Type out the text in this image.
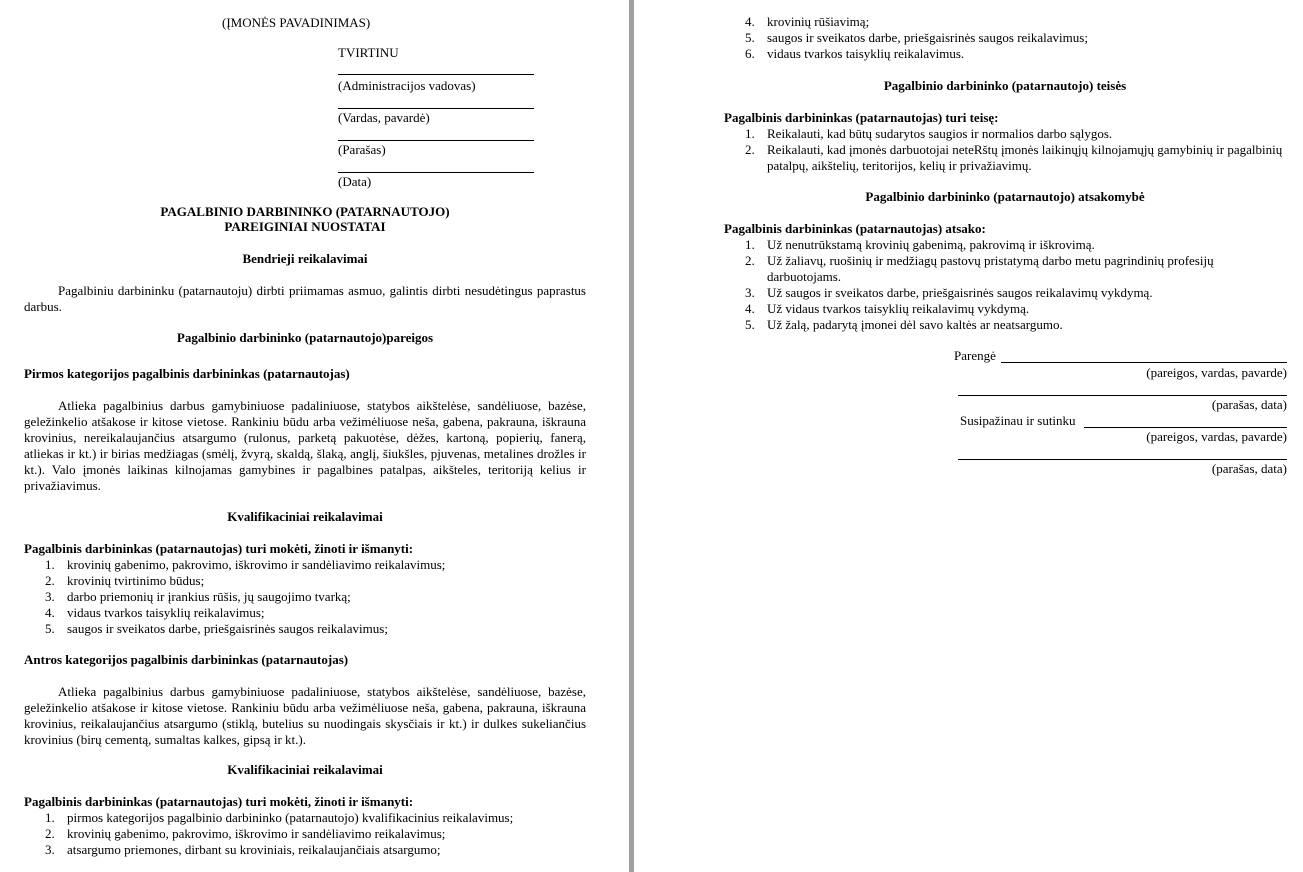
(ĮMONĖS PAVADINIMAS)
TVIRTINU
(Administracijos vadovas)
(Vardas, pavardė)
(Parašas)
(Data)
PAGALBINIO DARBININKO (PATARNAUTOJO)
PAREIGINIAI NUOSTATAI
Bendrieji reikalavimai
Pagalbiniu darbininku (patarnautoju) dirbti priimamas asmuo, galintis dirbti nesudėtingus paprastus darbus.
Pagalbinio darbininko (patarnautojo)pareigos
Pirmos kategorijos pagalbinis darbininkas (patarnautojas)
Atlieka pagalbinius darbus gamybiniuose padaliniuose, statybos aikštelėse, sandėliuose, bazėse, geležinkelio atšakose ir kitose vietose. Rankiniu būdu arba vežimėliuose neša, gabena, pakrauna, iškrauna krovinius, nereikalaujančius atsargumo (rulonus, parketą pakuotėse, dėžes, kartoną, popierių, fanerą, atliekas ir kt.) ir birias medžiagas (smėlį, žvyrą, skaldą, šlaką, anglį, šiukšles, pjuvenas, metalines drožles ir kt.). Valo įmonės laikinas kilnojamas gamybines ir pagalbines patalpas, aikšteles, teritoriją kelius ir privažiavimus.
Kvalifikaciniai reikalavimai
Pagalbinis darbininkas (patarnautojas) turi mokėti, žinoti ir išmanyti:
1. krovinių gabenimo, pakrovimo, iškrovimo ir sandėliavimo reikalavimus;
2. krovinių tvirtinimo būdus;
3. darbo priemonių ir įrankius rūšis, jų saugojimo tvarką;
4. vidaus tvarkos taisyklių reikalavimus;
5. saugos ir sveikatos darbe, priešgaisrinės saugos reikalavimus;
Antros kategorijos pagalbinis darbininkas (patarnautojas)
Atlieka pagalbinius darbus gamybiniuose padaliniuose, statybos aikštelėse, sandėliuose, bazėse, geležinkelio atšakose ir kitose vietose. Rankiniu būdu arba vežimėliuose neša, gabena, pakrauna, iškrauna krovinius, reikalaujančius atsargumo (stiklą, butelius su nuodingais skysčiais ir kt.) ir dulkes sukeliančius krovinius (birų cementą, sumaltas kalkes, gipsą ir kt.).
Kvalifikaciniai reikalavimai
Pagalbinis darbininkas (patarnautojas) turi mokėti, žinoti ir išmanyti:
1. pirmos kategorijos pagalbinio darbininko (patarnautojo) kvalifikacinius reikalavimus;
2. krovinių gabenimo, pakrovimo, iškrovimo ir sandėliavimo reikalavimus;
3. atsargumo priemones, dirbant su kroviniais, reikalaujančiais atsargumo;
4. krovinių rūšiavimą;
5. saugos ir sveikatos darbe, priešgaisrinės saugos reikalavimus;
6. vidaus tvarkos taisyklių reikalavimus.
Pagalbinio darbininko (patarnautojo) teisės
Pagalbinis darbininkas (patarnautojas) turi teisę:
1. Reikalauti, kad būtų sudarytos saugios ir normalios darbo sąlygos.
2. Reikalauti, kad įmonės darbuotojai neteRštų įmonės laikinųjų kilnojamųjų gamybinių ir pagalbinių patalpų, aikštelių, teritorijos, kelių ir privažiavimų.
Pagalbinio darbininko (patarnautojo) atsakomybė
Pagalbinis darbininkas (patarnautojas) atsako:
1. Už nenutrūkstamą krovinių gabenimą, pakrovimą ir iškrovimą.
2. Už žaliavų, ruošinių ir medžiagų pastovų pristatymą darbo metu pagrindinių profesijų darbuotojams.
3. Už saugos ir sveikatos darbe, priešgaisrinės saugos reikalavimų vykdymą.
4. Už vidaus tvarkos taisyklių reikalavimų vykdymą.
5. Už žalą, padarytą įmonei dėl savo kaltės ar neatsargumo.
Parengė
(pareigos, vardas, pavarde)
(parašas, data)
Susipažinau ir sutinku
(pareigos, vardas, pavarde)
(parašas, data)
